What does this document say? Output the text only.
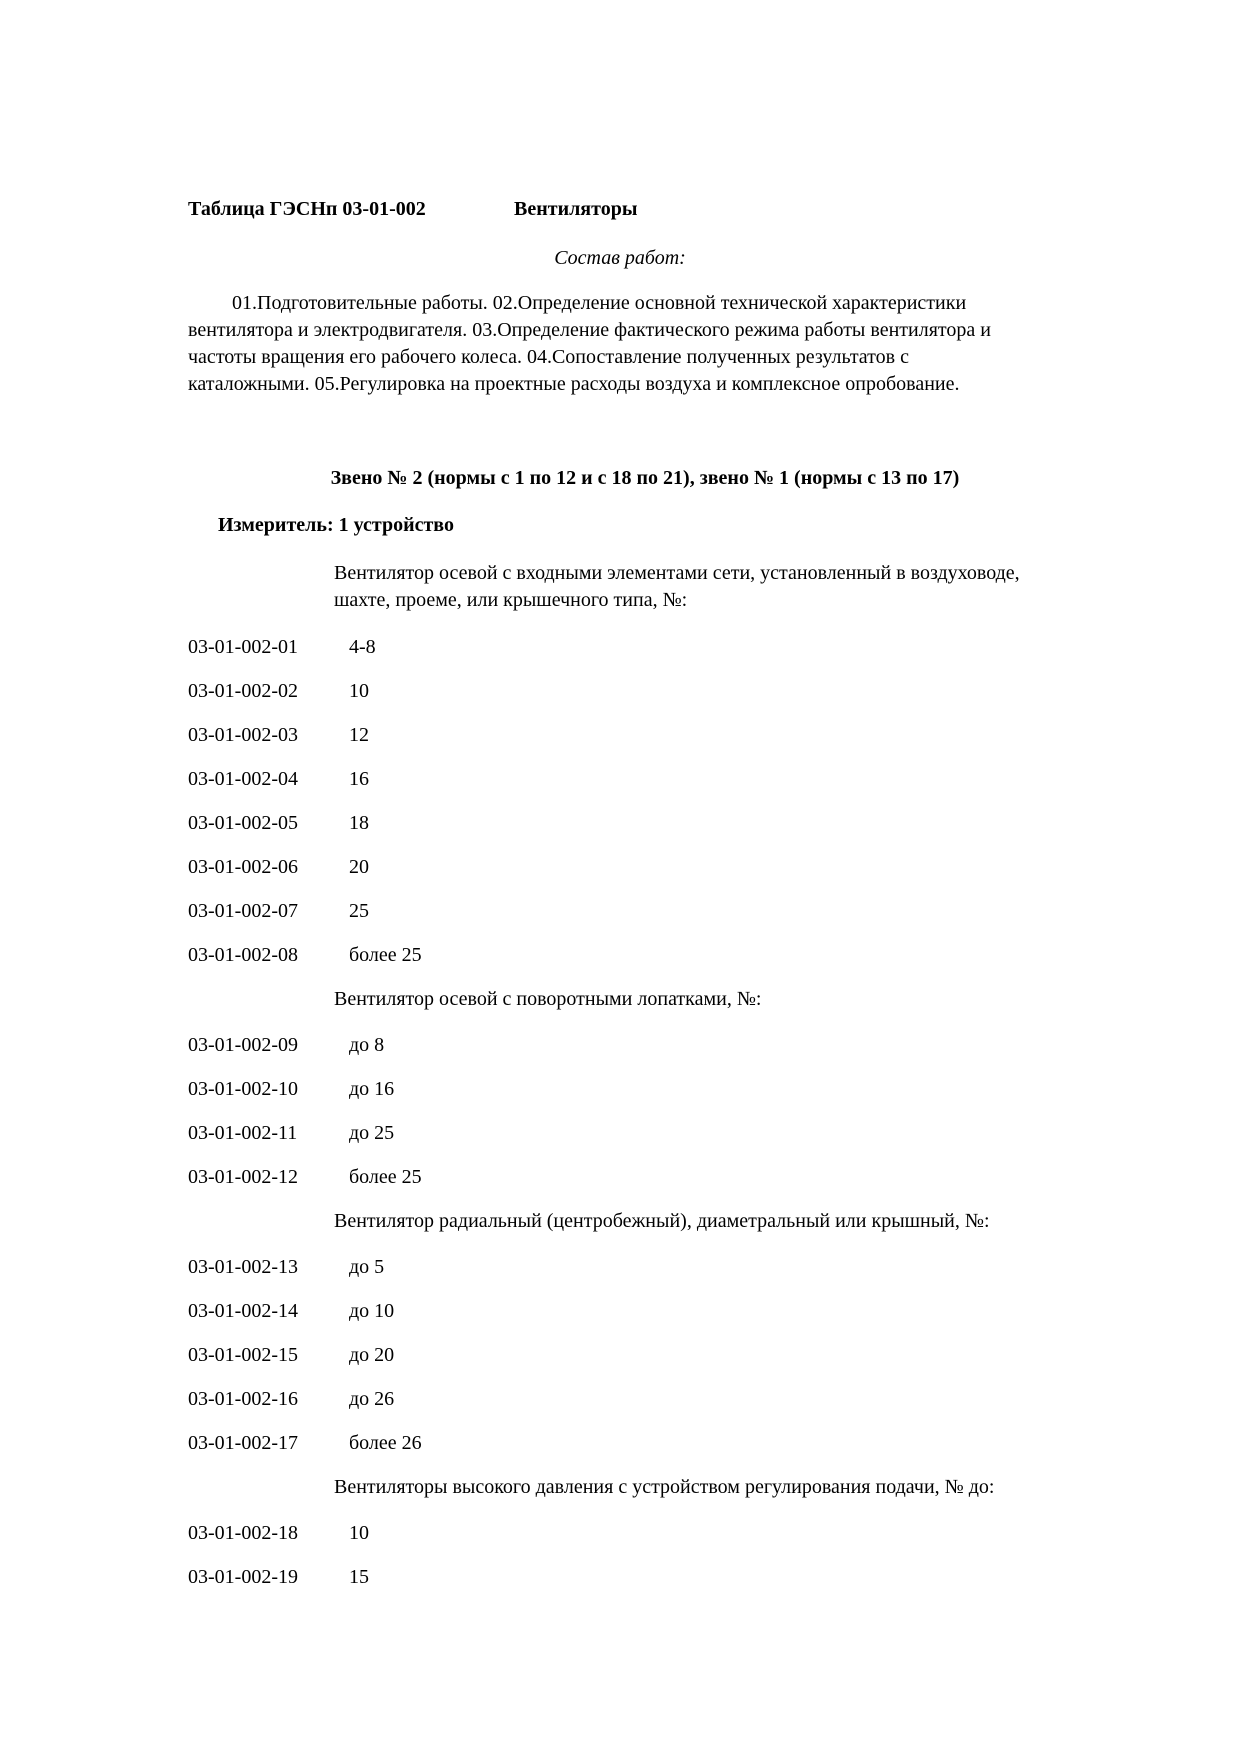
Таблица ГЭСНп 03-01-002	Вентиляторы
Состав работ:
01.Подготовительные работы. 02.Определение основной технической характеристики
вентилятора и электродвигателя. 03.Определение фактического режима работы вентилятора и
частоты вращения его рабочего колеса. 04.Сопоставление полученных результатов с
каталожными. 05.Регулировка на проектные расходы воздуха и комплексное опробование.
Звено № 2 (нормы с 1 по 12 и с 18 по 21), звено № 1 (нормы с 13 по 17)
Измеритель: 1 устройство
Вентилятор осевой с входными элементами сети, установленный в воздуховоде,
шахте, проеме, или крышечного типа, №:
03-01-002-01	4-8
03-01-002-02	10
03-01-002-03	12
03-01-002-04	16
03-01-002-05	18
03-01-002-06	20
03-01-002-07	25
03-01-002-08	более 25
Вентилятор осевой с поворотными лопатками, №:
03-01-002-09	до 8
03-01-002-10	до 16
03-01-002-11	до 25
03-01-002-12	более 25
Вентилятор радиальный (центробежный), диаметральный или крышный, №:
03-01-002-13	до 5
03-01-002-14	до 10
03-01-002-15	до 20
03-01-002-16	до 26
03-01-002-17	более 26
Вентиляторы высокого давления с устройством регулирования подачи, № до:
03-01-002-18	10
03-01-002-19	15
